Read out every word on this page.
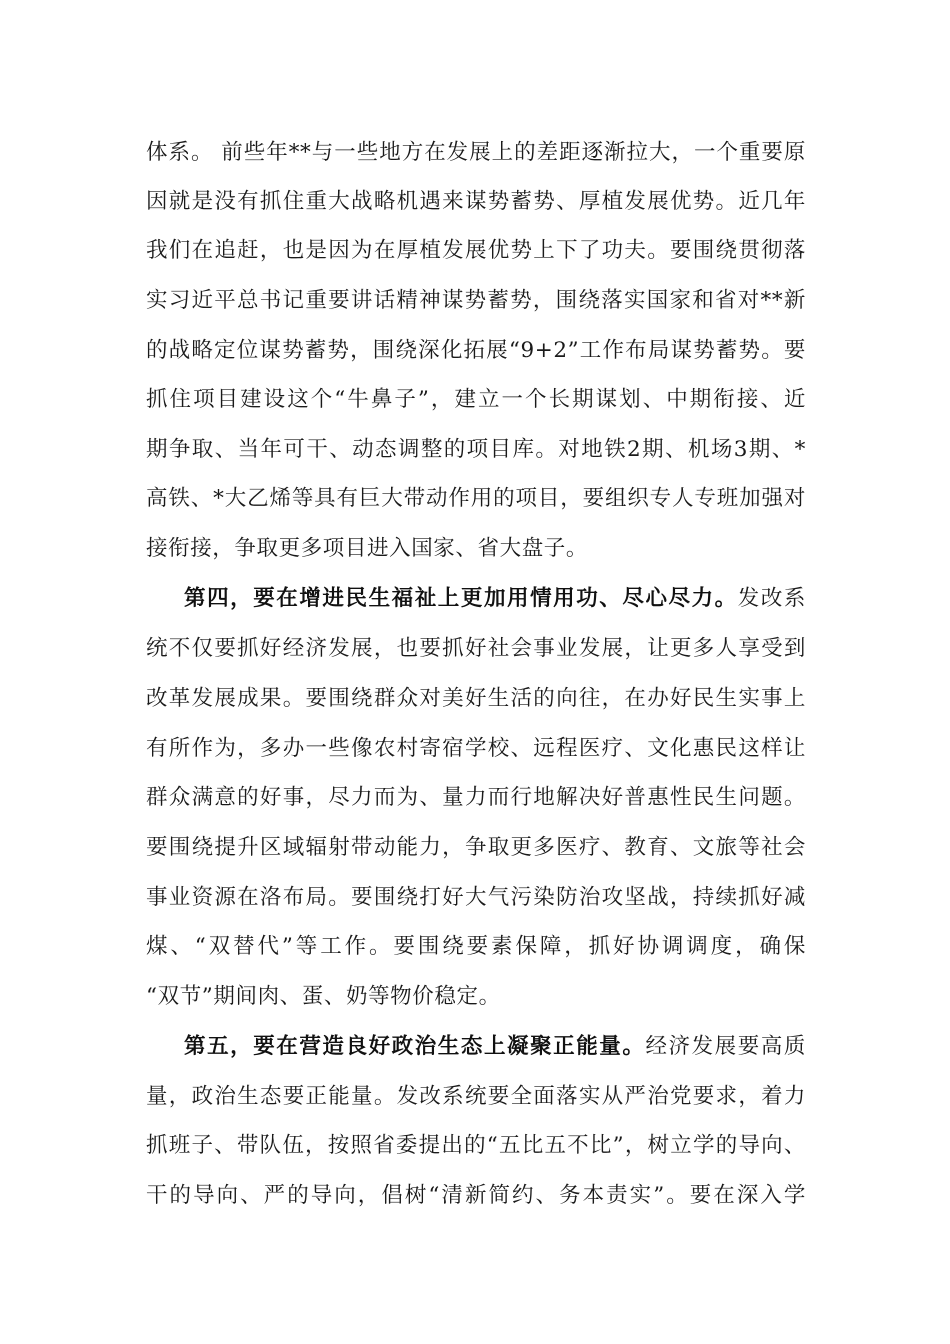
体系。 前些年**与一些地方在发展上的差距逐渐拉大，一个重要原
因就是没有抓住重大战略机遇来谋势蓄势、厚植发展优势。近几年
我们在追赶，也是因为在厚植发展优势上下了功夫。要围绕贯彻落
实习近平总书记重要讲话精神谋势蓄势，围绕落实国家和省对**新
的战略定位谋势蓄势，围绕深化拓展“9+2”工作布局谋势蓄势。要
抓住项目建设这个“牛鼻子”，建立一个长期谋划、中期衔接、近
期争取、当年可干、动态调整的项目库。对地铁2期、机场3期、*
高铁、*大乙烯等具有巨大带动作用的项目，要组织专人专班加强对
接衔接，争取更多项目进入国家、省大盘子。
第四，要在增进民生福祉上更加用情用功、尽心尽力。发改系
统不仅要抓好经济发展，也要抓好社会事业发展，让更多人享受到
改革发展成果。要围绕群众对美好生活的向往，在办好民生实事上
有所作为，多办一些像农村寄宿学校、远程医疗、文化惠民这样让
群众满意的好事，尽力而为、量力而行地解决好普惠性民生问题。
要围绕提升区域辐射带动能力，争取更多医疗、教育、文旅等社会
事业资源在洛布局。要围绕打好大气污染防治攻坚战，持续抓好减
煤、“双替代”等工作。要围绕要素保障，抓好协调调度，确保
“双节”期间肉、蛋、奶等物价稳定。
第五，要在营造良好政治生态上凝聚正能量。经济发展要高质
量，政治生态要正能量。发改系统要全面落实从严治党要求，着力
抓班子、带队伍，按照省委提出的“五比五不比”，树立学的导向、
干的导向、严的导向，倡树“清新简约、务本责实”。要在深入学
